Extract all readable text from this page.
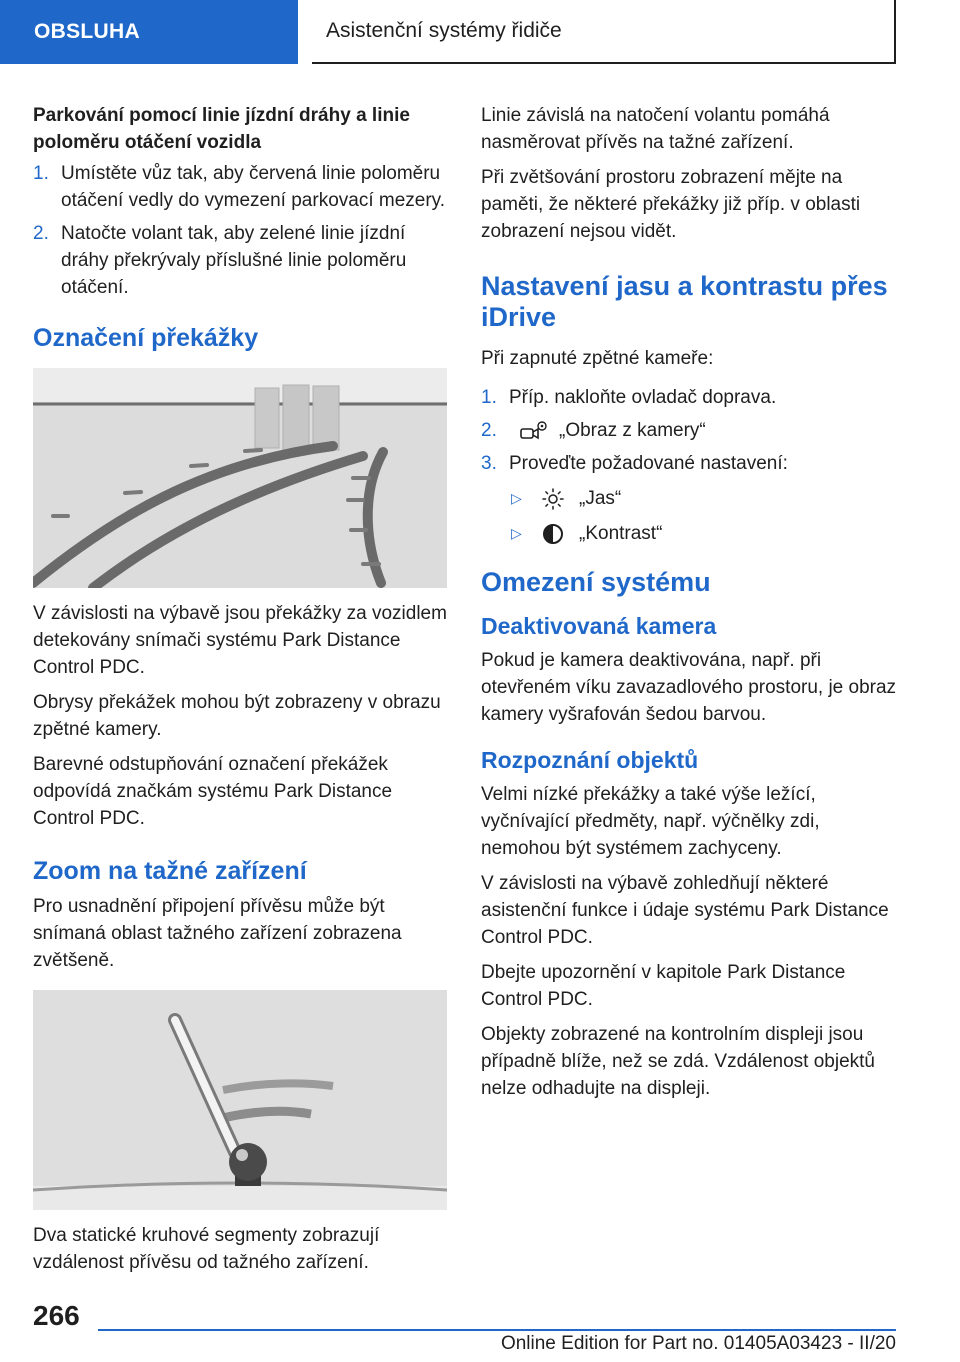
OBSLUHA	Asistenční systémy řidiče
Parkování pomocí linie jízdní dráhy a linie poloměru otáčení vozidla
1. Umístěte vůz tak, aby červená linie poloměru otáčení vedly do vymezení parkovací mezery.
2. Natočte volant tak, aby zelené linie jízdní dráhy překrývaly příslušné linie poloměru otáčení.
Označení překážky

V závislosti na výbavě jsou překážky za vozidlem detekovány snímači systému Park Distance Control PDC.

Obrysy překážek mohou být zobrazeny v obrazu zpětné kamery.

Barevné odstupňování označení překážek odpovídá značkám systému Park Distance Control PDC.

Zoom na tažné zařízení

Pro usnadnění připojení přívěsu může být snímaná oblast tažného zařízení zobrazena zvětšeně.

Dva statické kruhové segmenty zobrazují vzdálenost přívěsu od tažného zařízení.

Linie závislá na natočení volantu pomáhá nasměrovat přívěs na tažné zařízení.

Při zvětšování prostoru zobrazení mějte na paměti, že některé překážky již příp. v oblasti zobrazení nejsou vidět.

Nastavení jasu a kontrastu přes iDrive

Při zapnuté zpětné kameře:

1. Příp. nakloňte ovladač doprava.
2.	„Obraz z kamery“
3. Proveďte požadované nastavení:
▷	„Jas“
▷	„Kontrast“
Omezení systému
Deaktivovaná kamera

Pokud je kamera deaktivována, např. při otevřeném víku zavazadlového prostoru, je obraz kamery vyšrafován šedou barvou.

Rozpoznání objektů

Velmi nízké překážky a také výše ležící, vyčnívající předměty, např. výčnělky zdi, nemohou být systémem zachyceny.

V závislosti na výbavě zohledňují některé asistenční funkce i údaje systému Park Distance Control PDC.

Dbejte upozornění v kapitole Park Distance Control PDC.

Objekty zobrazené na kontrolním displeji jsou případně blíže, než se zdá. Vzdálenost objektů nelze odhadujte na displeji.

266
Online Edition for Part no. 01405A03423 - II/20
